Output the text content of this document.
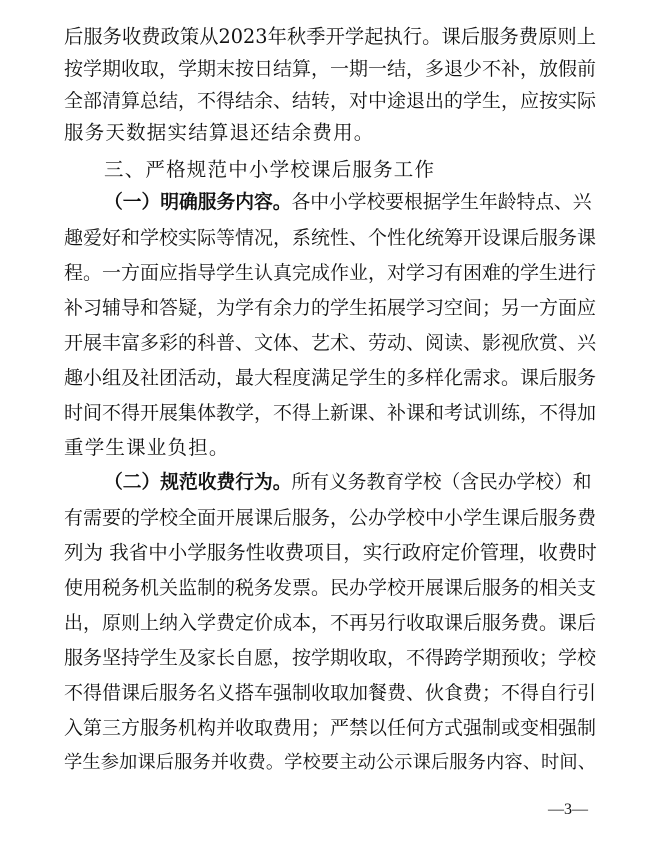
后服务收费政策从2023年秋季开学起执行。课后服务费原则上
按学期收取，学期末按日结算，一期一结，多退少不补，放假前
全部清算总结，不得结余、结转，对中途退出的学生，应按实际
服务天数据实结算退还结余费用。
三、严格规范中小学校课后服务工作
（一）明确服务内容。各中小学校要根据学生年龄特点、兴
趣爱好和学校实际等情况，系统性、个性化统筹开设课后服务课
程。一方面应指导学生认真完成作业，对学习有困难的学生进行
补习辅导和答疑，为学有余力的学生拓展学习空间；另一方面应
开展丰富多彩的科普、文体、艺术、劳动、阅读、影视欣赏、兴
趣小组及社团活动，最大程度满足学生的多样化需求。课后服务
时间不得开展集体教学，不得上新课、补课和考试训练，不得加
重学生课业负担。
（二）规范收费行为。所有义务教育学校（含民办学校）和
有需要的学校全面开展课后服务，公办学校中小学生课后服务费
列为 我省中小学服务性收费项目，实行政府定价管理，收费时
使用税务机关监制的税务发票。民办学校开展课后服务的相关支
出，原则上纳入学费定价成本，不再另行收取课后服务费。课后
服务坚持学生及家长自愿，按学期收取，不得跨学期预收；学校
不得借课后服务名义搭车强制收取加餐费、伙食费；不得自行引
入第三方服务机构并收取费用；严禁以任何方式强制或变相强制
学生参加课后服务并收费。学校要主动公示课后服务内容、时间、
—3—
